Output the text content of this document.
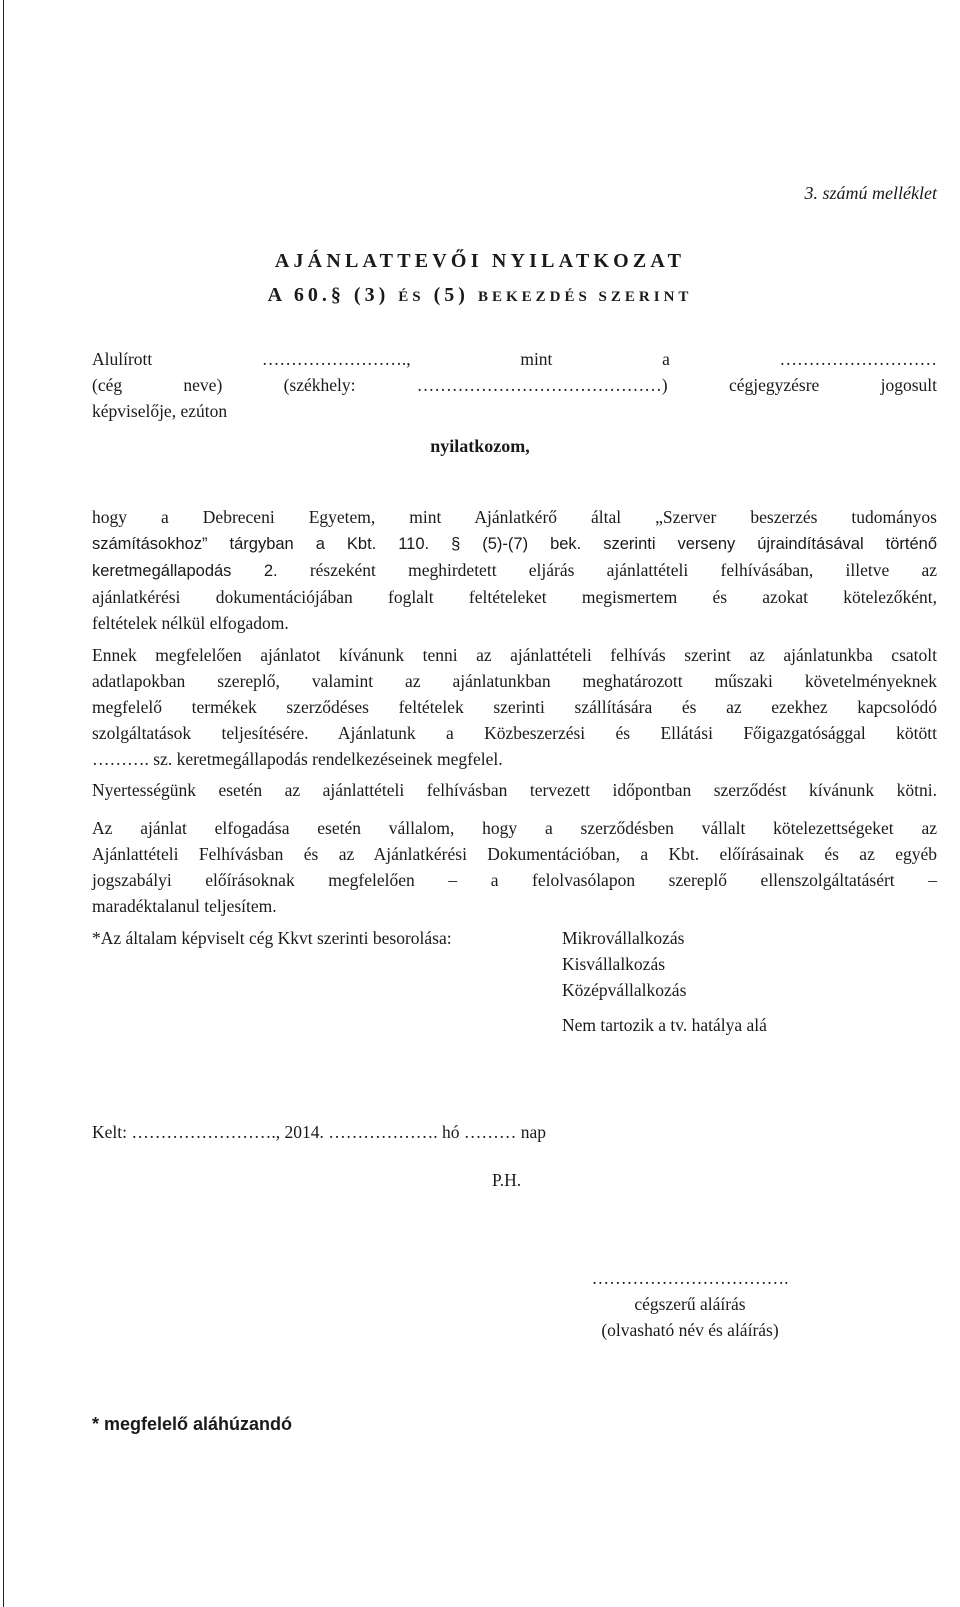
3. számú melléklet
AJÁNLATTEVŐI NYILATKOZAT
A 60.§ (3) ÉS (5) BEKEZDÉS SZERINT
Alulírott ……………………., mint a ………………………
(cég neve) (székhely: ……………………………………) cégjegyzésre jogosult
képviselője, ezúton
nyilatkozom,
hogy a Debreceni Egyetem, mint Ajánlatkérő által „Szerver beszerzés tudományos
számításokhoz” tárgyban a Kbt. 110. § (5)-(7) bek. szerinti verseny újraindításával történő
keretmegállapodás 2. részeként meghirdetett eljárás ajánlattételi felhívásában, illetve az
ajánlatkérési dokumentációjában foglalt feltételeket megismertem és azokat kötelezőként,
feltételek nélkül elfogadom.
Ennek megfelelően ajánlatot kívánunk tenni az ajánlattételi felhívás szerint az ajánlatunkba csatolt
adatlapokban szereplő, valamint az ajánlatunkban meghatározott műszaki követelményeknek
megfelelő termékek szerződéses feltételek szerinti szállítására és az ezekhez kapcsolódó
szolgáltatások teljesítésére. Ajánlatunk a Közbeszerzési és Ellátási Főigazgatósággal kötött
………. sz. keretmegállapodás rendelkezéseinek megfelel.
Nyertességünk esetén az ajánlattételi felhívásban tervezett időpontban szerződést kívánunk kötni.
Az ajánlat elfogadása esetén vállalom, hogy a szerződésben vállalt kötelezettségeket az
Ajánlattételi Felhívásban és az Ajánlatkérési Dokumentációban, a Kbt. előírásainak és az egyéb
jogszabályi előírásoknak megfelelően – a felolvasólapon szereplő ellenszolgáltatásért –
maradéktalanul teljesítem.
*Az általam képviselt cég Kkvt szerinti besorolása:	Mikrovállalkozás
Kisvállalkozás
Középvállalkozás
Nem tartozik a tv. hatálya alá
Kelt: ……………………., 2014. ………………. hó ……… nap
P.H.
…………………………….
cégszerű aláírás
(olvasható név és aláírás)
* megfelelő aláhúzandó
